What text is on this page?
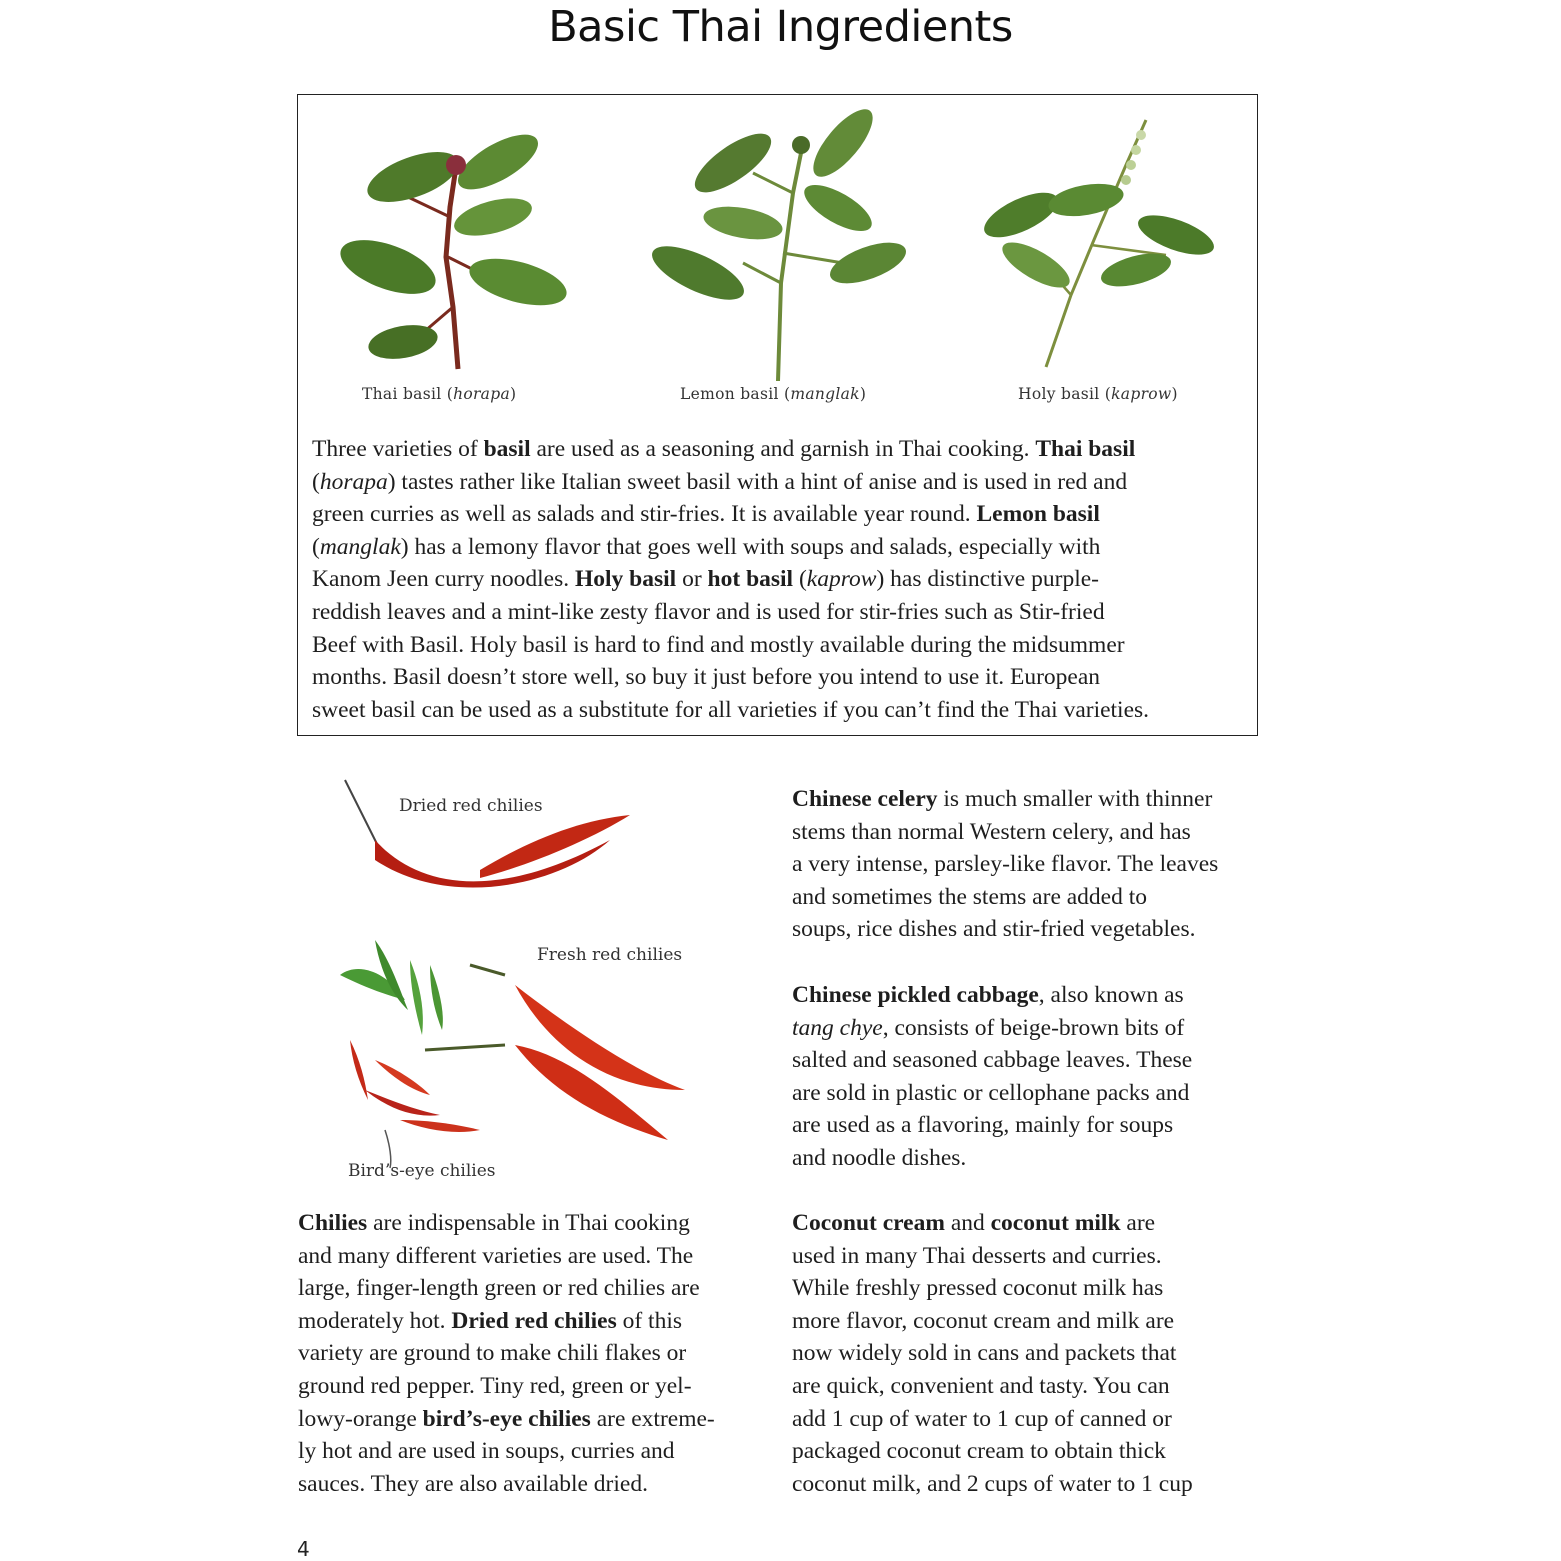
Basic Thai Ingredients
Thai basil (horapa)	Lemon basil (manglak)	Holy basil (kaprow)
Three varieties of basil are used as a seasoning and garnish in Thai cooking. Thai basil
(horapa) tastes rather like Italian sweet basil with a hint of anise and is used in red and
green curries as well as salads and stir-fries. It is available year round. Lemon basil
(manglak) has a lemony flavor that goes well with soups and salads, especially with
Kanom Jeen curry noodles. Holy basil or hot basil (kaprow) has distinctive purple-
reddish leaves and a mint-like zesty flavor and is used for stir-fries such as Stir-fried
Beef with Basil. Holy basil is hard to find and mostly available during the midsummer
months. Basil doesn’t store well, so buy it just before you intend to use it. European
sweet basil can be used as a substitute for all varieties if you can’t find the Thai varieties.
Dried red chilies
Fresh red chilies
Bird’s-eye chilies
Chilies are indispensable in Thai cooking
and many different varieties are used. The
large, finger-length green or red chilies are
moderately hot. Dried red chilies of this
variety are ground to make chili flakes or
ground red pepper. Tiny red, green or yel-
lowy-orange bird’s-eye chilies are extreme-
ly hot and are used in soups, curries and
sauces. They are also available dried.
Chinese celery is much smaller with thinner
stems than normal Western celery, and has
a very intense, parsley-like flavor. The leaves
and sometimes the stems are added to
soups, rice dishes and stir-fried vegetables.
Chinese pickled cabbage, also known as
tang chye, consists of beige-brown bits of
salted and seasoned cabbage leaves. These
are sold in plastic or cellophane packs and
are used as a flavoring, mainly for soups
and noodle dishes.
Coconut cream and coconut milk are
used in many Thai desserts and curries.
While freshly pressed coconut milk has
more flavor, coconut cream and milk are
now widely sold in cans and packets that
are quick, convenient and tasty. You can
add 1 cup of water to 1 cup of canned or
packaged coconut cream to obtain thick
coconut milk, and 2 cups of water to 1 cup
4
